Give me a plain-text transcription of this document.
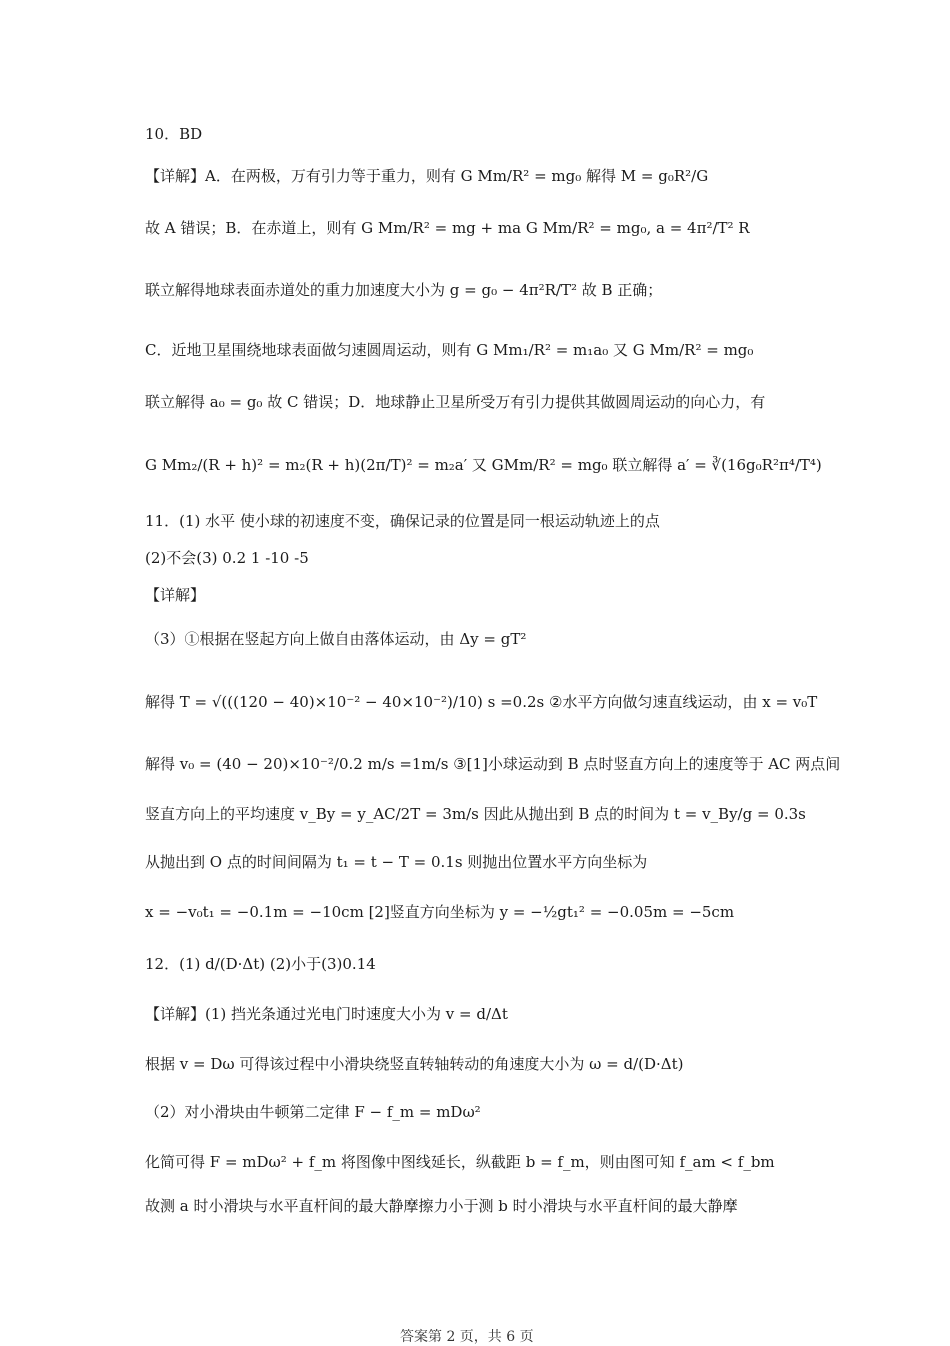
10．BD
【详解】A．在两极，万有引力等于重力，则有 G Mm/R² = mg₀ 解得 M = g₀R²/G
故 A 错误；B．在赤道上，则有 G Mm/R² = mg + ma G Mm/R² = mg₀, a = 4π²/T² R
联立解得地球表面赤道处的重力加速度大小为 g = g₀ − 4π²R/T² 故 B 正确；
C．近地卫星围绕地球表面做匀速圆周运动，则有 G Mm₁/R² = m₁a₀ 又 G Mm/R² = mg₀
联立解得 a₀ = g₀ 故 C 错误；D．地球静止卫星所受万有引力提供其做圆周运动的向心力，有
G Mm₂/(R + h)² = m₂(R + h)(2π/T)² = m₂a′ 又 GMm/R² = mg₀ 联立解得 a′ = ∛(16g₀R²π⁴/T⁴)
11．(1) 水平 使小球的初速度不变，确保记录的位置是同一根运动轨迹上的点
(2)不会(3) 0.2 1 -10 -5
【详解】
（3）①根据在竖起方向上做自由落体运动，由 Δy = gT²
解得 T = √(((120 − 40)×10⁻² − 40×10⁻²)/10) s =0.2s ②水平方向做匀速直线运动，由 x = v₀T
解得 v₀ = (40 − 20)×10⁻²/0.2 m/s =1m/s ③[1]小球运动到 B 点时竖直方向上的速度等于 AC 两点间
竖直方向上的平均速度 v_By = y_AC/2T = 3m/s 因此从抛出到 B 点的时间为 t = v_By/g = 0.3s
从抛出到 O 点的时间间隔为 t₁ = t − T = 0.1s 则抛出位置水平方向坐标为
x = −v₀t₁ = −0.1m = −10cm [2]竖直方向坐标为 y = −½gt₁² = −0.05m = −5cm
12．(1) d/(D·Δt) (2)小于(3)0.14
【详解】(1) 挡光条通过光电门时速度大小为 v = d/Δt
根据 v = Dω 可得该过程中小滑块绕竖直转轴转动的角速度大小为 ω = d/(D·Δt)
（2）对小滑块由牛顿第二定律 F − f_m = mDω²
化简可得 F = mDω² + f_m 将图像中图线延长，纵截距 b = f_m，则由图可知 f_am < f_bm
故测 a 时小滑块与水平直杆间的最大静摩擦力小于测 b 时小滑块与水平直杆间的最大静摩
答案第 2 页，共 6 页
